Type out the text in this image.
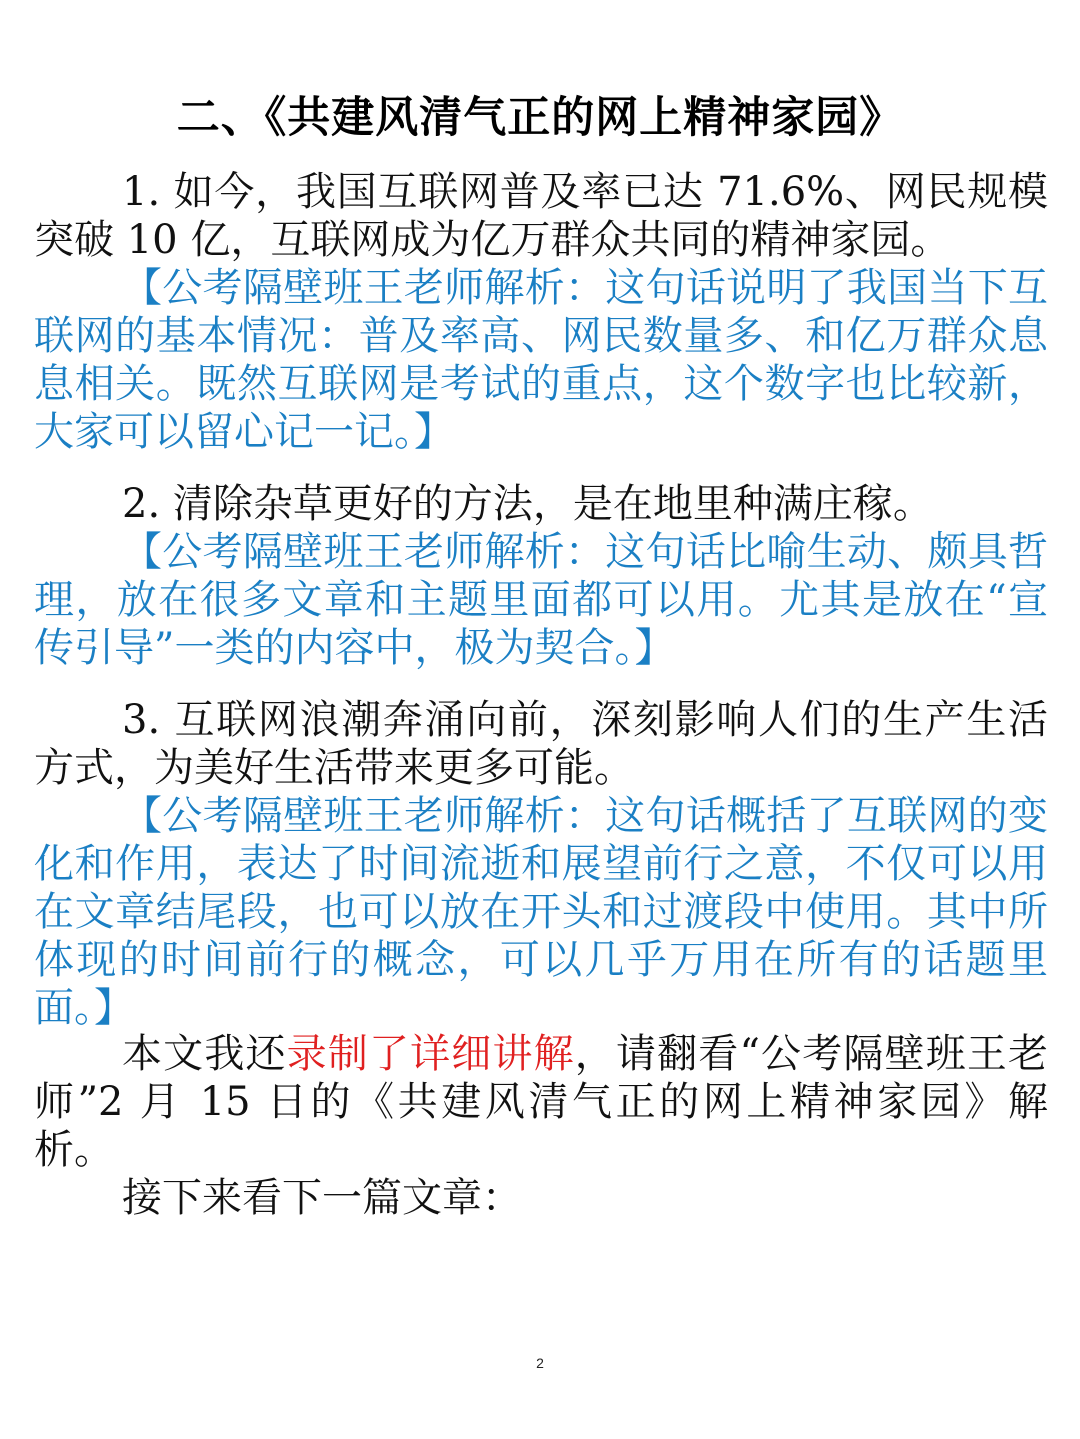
二、《共建风清气正的网上精神家园》

1. 如今，我国互联网普及率已达 71.6%、网民规模突破 10 亿，互联网成为亿万群众共同的精神家园。

【公考隔壁班王老师解析：这句话说明了我国当下互联网的基本情况：普及率高、网民数量多、和亿万群众息息相关。既然互联网是考试的重点，这个数字也比较新，大家可以留心记一记。】

2. 清除杂草更好的方法，是在地里种满庄稼。

【公考隔壁班王老师解析：这句话比喻生动、颇具哲理，放在很多文章和主题里面都可以用。尤其是放在“宣传引导”一类的内容中，极为契合。】

3. 互联网浪潮奔涌向前，深刻影响人们的生产生活方式，为美好生活带来更多可能。

【公考隔壁班王老师解析：这句话概括了互联网的变化和作用，表达了时间流逝和展望前行之意，不仅可以用在文章结尾段，也可以放在开头和过渡段中使用。其中所体现的时间前行的概念，可以几乎万用在所有的话题里面。】

本文我还录制了详细讲解，请翻看“公考隔壁班王老师”2 月 15 日的《共建风清气正的网上精神家园》解析。

接下来看下一篇文章：

2
